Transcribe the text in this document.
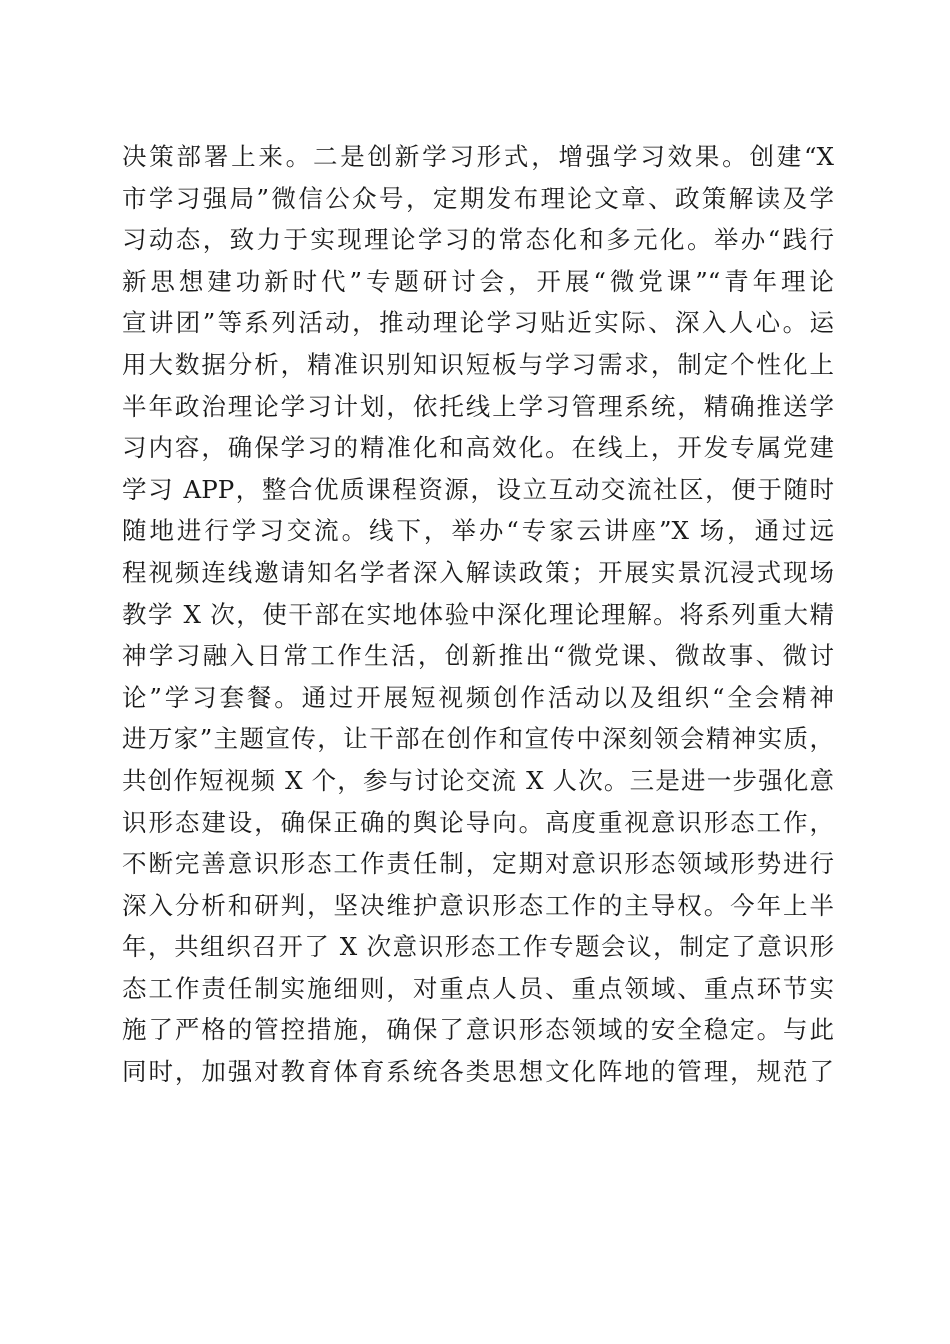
决策部署上来。二是创新学习形式，增强学习效果。创建“X
市学习强局”微信公众号，定期发布理论文章、政策解读及学
习动态，致力于实现理论学习的常态化和多元化。举办“践行
新思想建功新时代”专题研讨会，开展“微党课”“青年理论
宣讲团”等系列活动，推动理论学习贴近实际、深入人心。运
用大数据分析，精准识别知识短板与学习需求，制定个性化上
半年政治理论学习计划，依托线上学习管理系统，精确推送学
习内容，确保学习的精准化和高效化。在线上，开发专属党建
学习 APP，整合优质课程资源，设立互动交流社区，便于随时
随地进行学习交流。线下，举办“专家云讲座”X 场，通过远
程视频连线邀请知名学者深入解读政策；开展实景沉浸式现场
教学 X 次，使干部在实地体验中深化理论理解。将系列重大精
神学习融入日常工作生活，创新推出“微党课、微故事、微讨
论”学习套餐。通过开展短视频创作活动以及组织“全会精神
进万家”主题宣传，让干部在创作和宣传中深刻领会精神实质，
共创作短视频 X 个，参与讨论交流 X 人次。三是进一步强化意
识形态建设，确保正确的舆论导向。高度重视意识形态工作，
不断完善意识形态工作责任制，定期对意识形态领域形势进行
深入分析和研判，坚决维护意识形态工作的主导权。今年上半
年，共组织召开了 X 次意识形态工作专题会议，制定了意识形
态工作责任制实施细则，对重点人员、重点领域、重点环节实
施了严格的管控措施，确保了意识形态领域的安全稳定。与此
同时，加强对教育体育系统各类思想文化阵地的管理，规范了
